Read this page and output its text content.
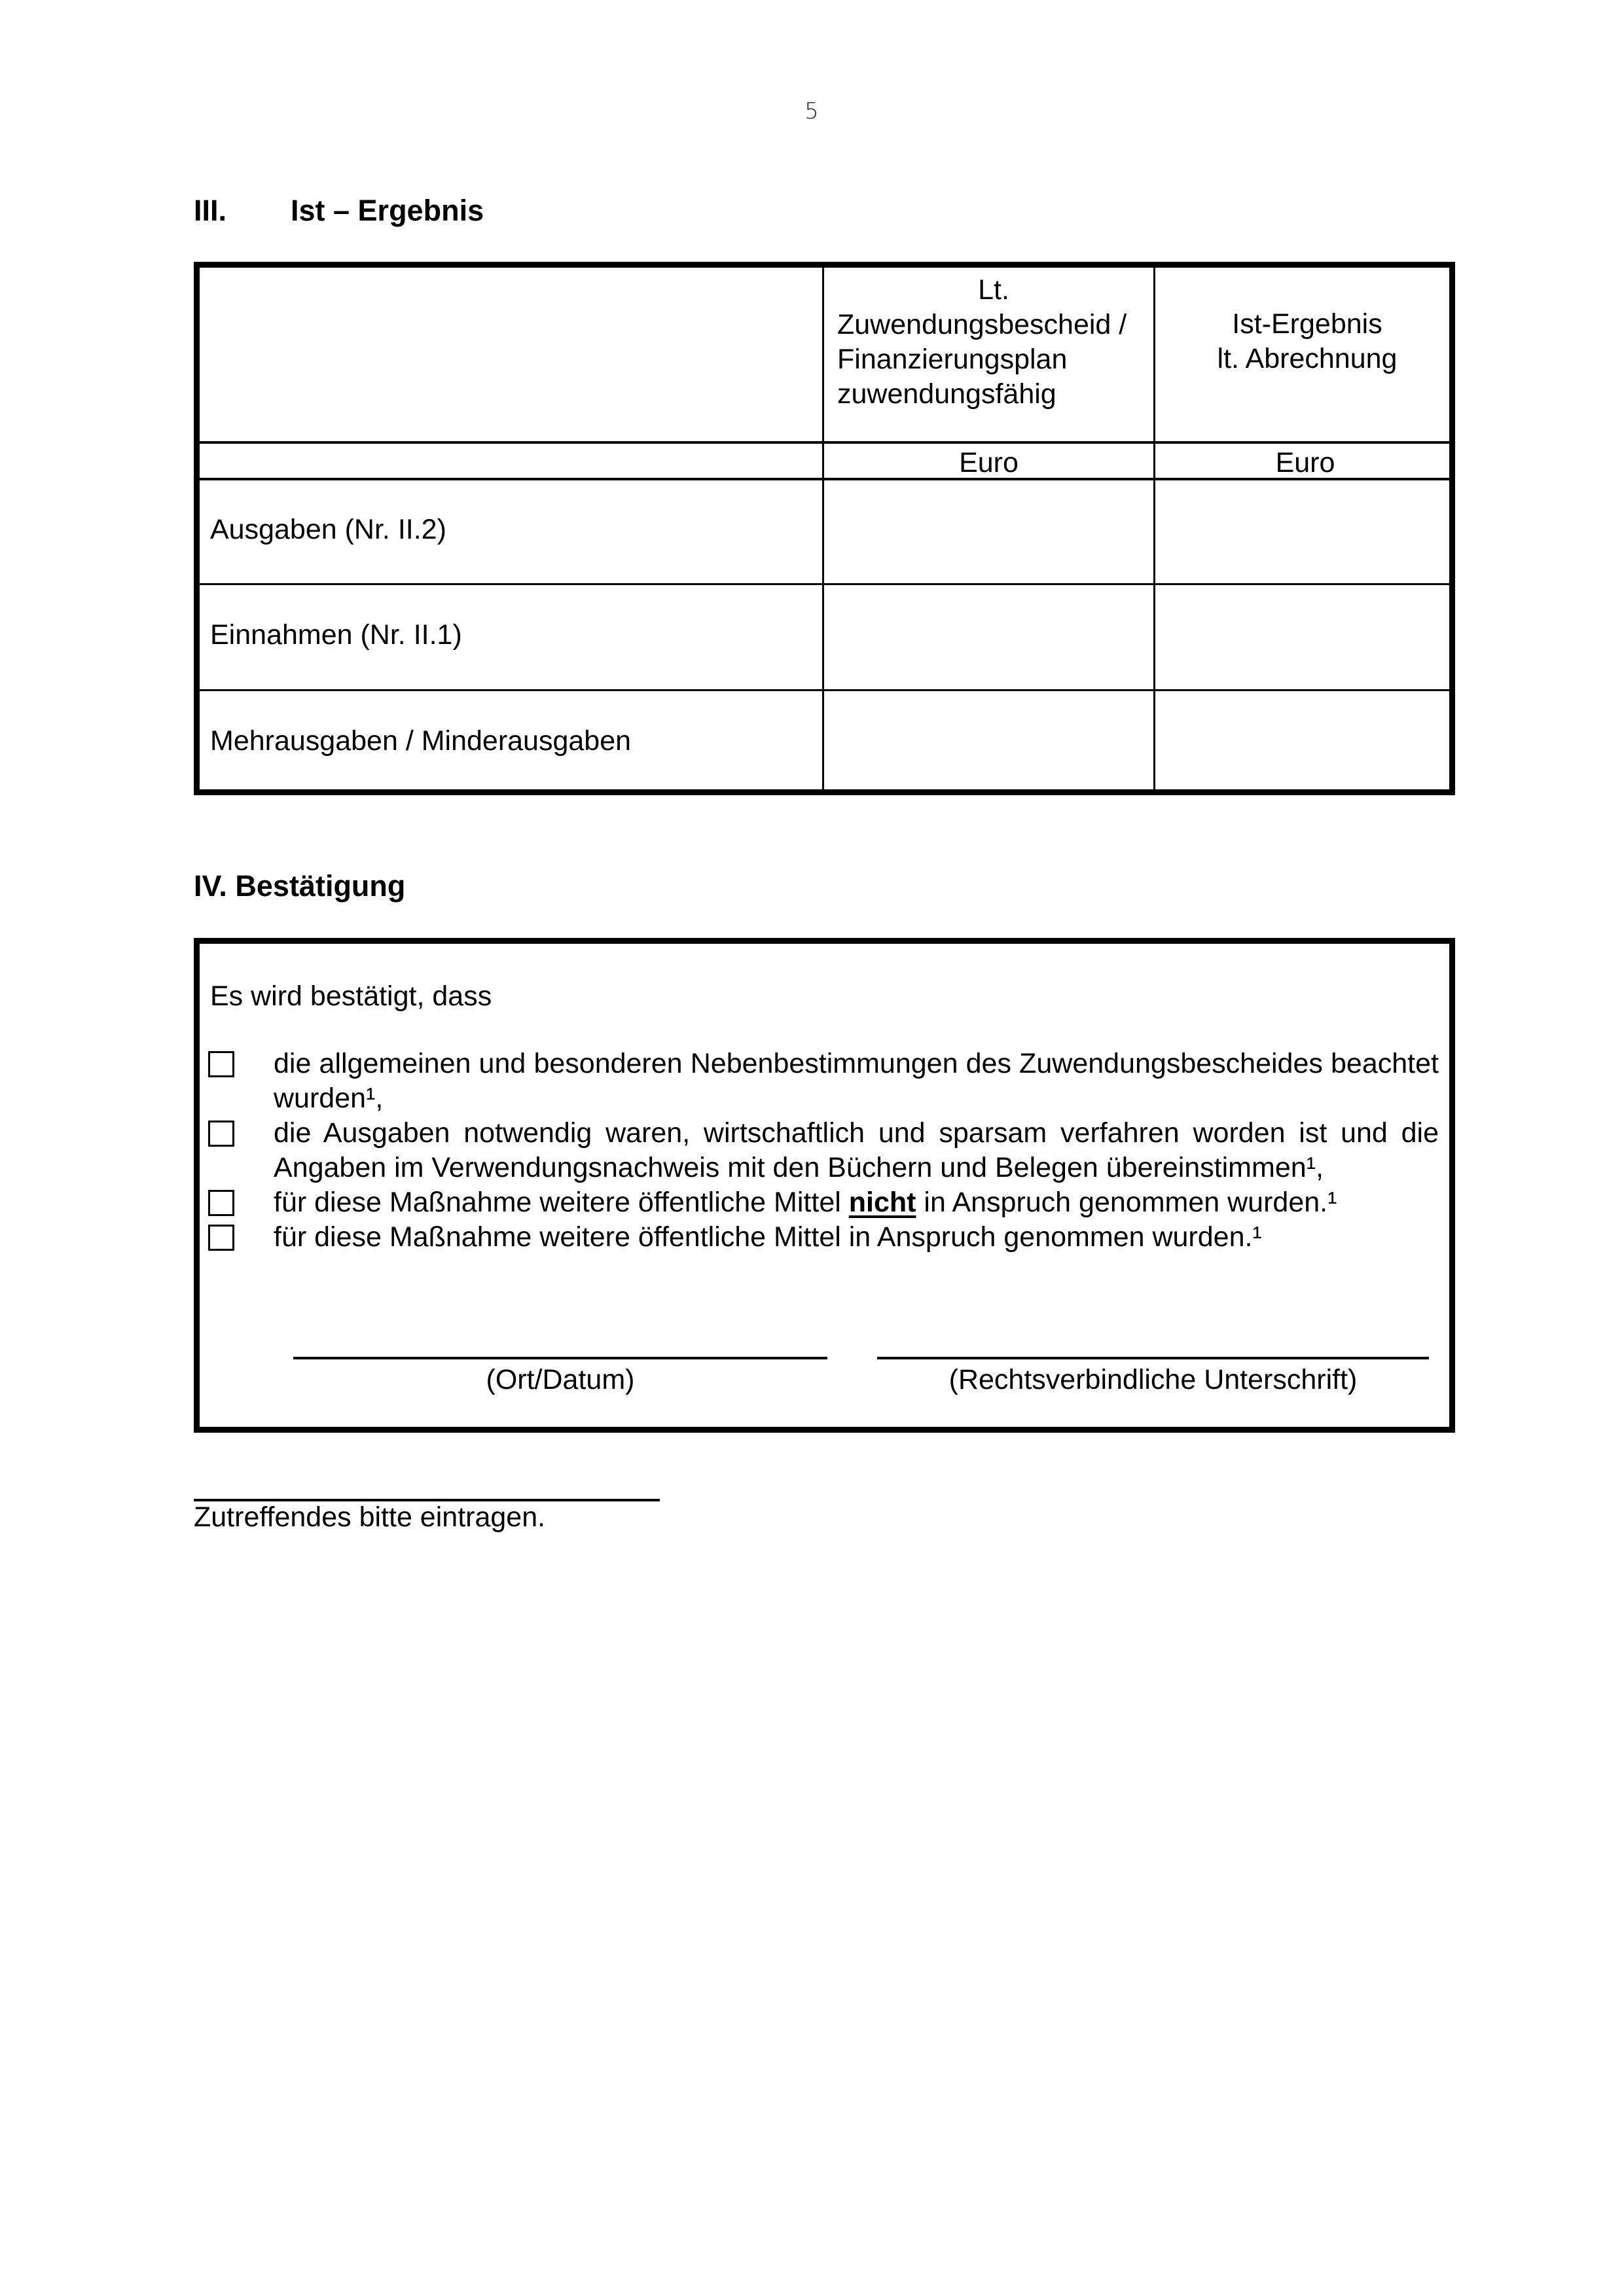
5
III. Ist – Ergebnis
Lt.
Zuwendungsbescheid /
Finanzierungsplan
zuwendungsfähig
Ist-Ergebnis
lt. Abrechnung
Euro	Euro
Ausgaben (Nr. II.2)
Einnahmen (Nr. II.1)
Mehrausgaben / Minderausgaben
IV. Bestätigung
Es wird bestätigt, dass
die allgemeinen und besonderen Nebenbestimmungen des Zuwendungsbescheides beachtet wurden¹,
die Ausgaben notwendig waren, wirtschaftlich und sparsam verfahren worden ist und die Angaben im Verwendungsnachweis mit den Büchern und Belegen übereinstimmen¹,
für diese Maßnahme weitere öffentliche Mittel nicht in Anspruch genommen wurden.¹
für diese Maßnahme weitere öffentliche Mittel in Anspruch genommen wurden.¹
(Ort/Datum)	(Rechtsverbindliche Unterschrift)
Zutreffendes bitte eintragen.
